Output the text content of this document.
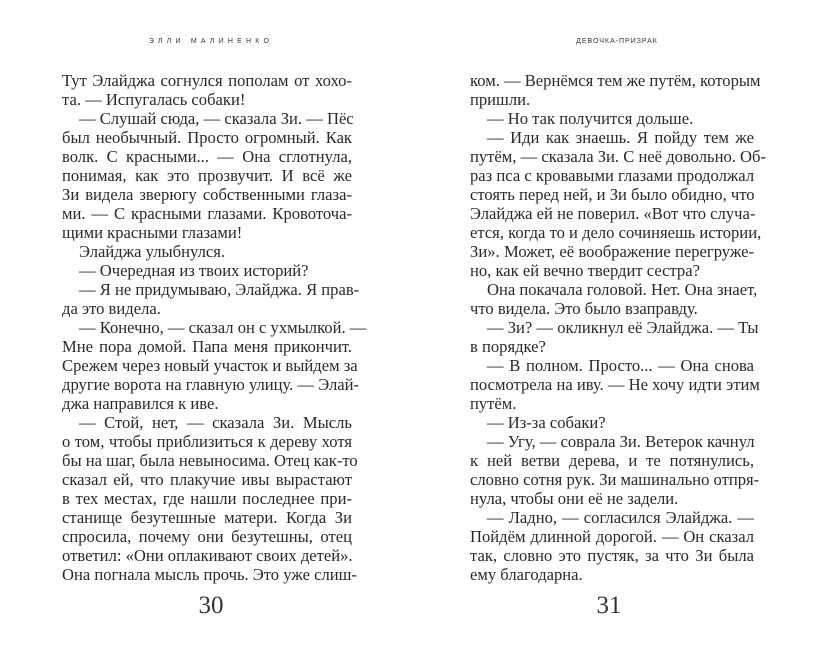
ЭЛЛИ МАЛИНЕНКО
Тут Элайджа согнулся пополам от хохо-
та. — Испугалась собаки!
— Слушай сюда, — сказала Зи. — Пёс
был необычный. Просто огромный. Как
волк. С красными... — Она сглотнула,
понимая, как это прозвучит. И всё же
Зи видела зверюгу собственными глаза-
ми. — С красными глазами. Кровоточа-
щими красными глазами!
Элайджа улыбнулся.
— Очередная из твоих историй?
— Я не придумываю, Элайджа. Я прав-
да это видела.
— Конечно, — сказал он с ухмылкой. —
Мне пора домой. Папа меня прикончит.
Срежем через новый участок и выйдем за
другие ворота на главную улицу. — Элай-
джа направился к иве.
— Стой, нет, — сказала Зи. Мысль
о том, чтобы приблизиться к дереву хотя
бы на шаг, была невыносима. Отец как-то
сказал ей, что плакучие ивы вырастают
в тех местах, где нашли последнее при-
станище безутешные матери. Когда Зи
спросила, почему они безутешны, отец
ответил: «Они оплакивают своих детей».
Она погнала мысль прочь. Это уже слиш-
30
ДЕВОЧКА-ПРИЗРАК
ком. — Вернёмся тем же путём, которым
пришли.
— Но так получится дольше.
— Иди как знаешь. Я пойду тем же
путём, — сказала Зи. С неё довольно. Об-
раз пса с кровавыми глазами продолжал
стоять перед ней, и Зи было обидно, что
Элайджа ей не поверил. «Вот что случа-
ется, когда то и дело сочиняешь истории,
Зи». Может, её воображение перегруже-
но, как ей вечно твердит сестра?
Она покачала головой. Нет. Она знает,
что видела. Это было взаправду.
— Зи? — окликнул её Элайджа. — Ты
в порядке?
— В полном. Просто... — Она снова
посмотрела на иву. — Не хочу идти этим
путём.
— Из-за собаки?
— Угу, — соврала Зи. Ветерок качнул
к ней ветви дерева, и те потянулись,
словно сотня рук. Зи машинально отпря-
нула, чтобы они её не задели.
— Ладно, — согласился Элайджа. —
Пойдём длинной дорогой. — Он сказал
так, словно это пустяк, за что Зи была
ему благодарна.
31
